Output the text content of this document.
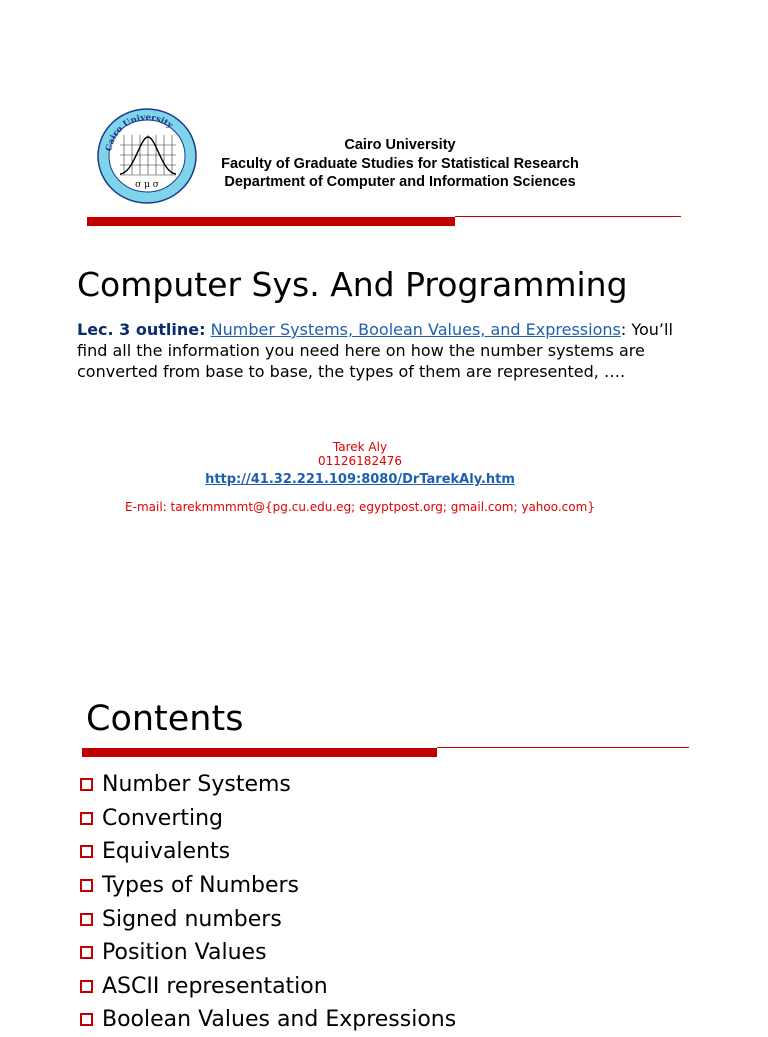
Cairo University
σ μ σ
Cairo University
Faculty of Graduate Studies for Statistical Research
Department of Computer and Information Sciences
Computer Sys. And Programming
Lec. 3 outline: Number Systems, Boolean Values, and Expressions: You’ll find all the information you need here on how the number systems are converted from base to base, the types of them are represented, ….
Tarek Aly
01126182476
http://41.32.221.109:8080/DrTarekAly.htm
E-mail: tarekmmmmt@{pg.cu.edu.eg; egyptpost.org; gmail.com; yahoo.com}
Contents
Number Systems
Converting
Equivalents
Types of Numbers
Signed numbers
Position Values
ASCII representation
Boolean Values and Expressions
